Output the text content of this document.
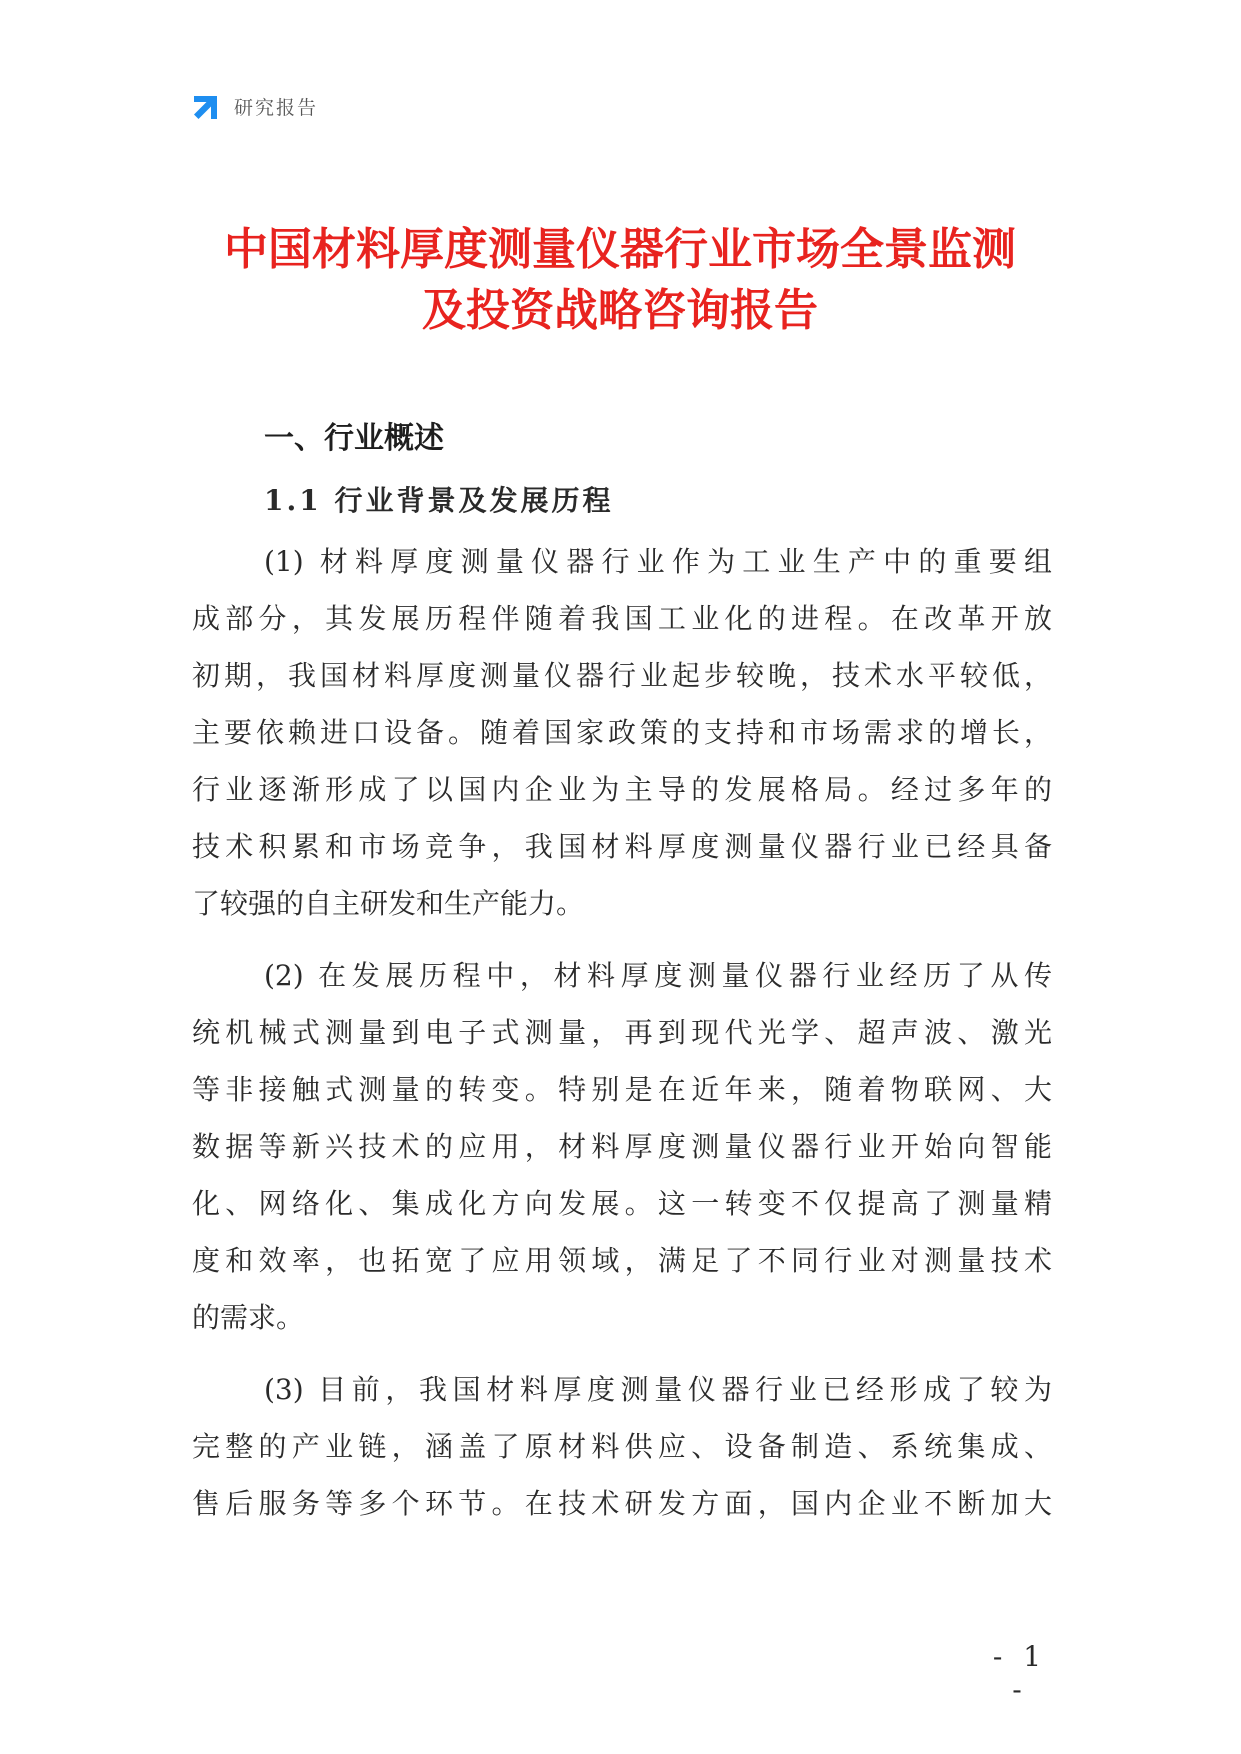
研究报告
中国材料厚度测量仪器行业市场全景监测
及投资战略咨询报告
一、行业概述
1.1 行业背景及发展历程

(1) 材料厚度测量仪器行业作为工业生产中的重要组

成部分，其发展历程伴随着我国工业化的进程。在改革开放

初期，我国材料厚度测量仪器行业起步较晚，技术水平较低，

主要依赖进口设备。随着国家政策的支持和市场需求的增长，

行业逐渐形成了以国内企业为主导的发展格局。经过多年的

技术积累和市场竞争，我国材料厚度测量仪器行业已经具备

了较强的自主研发和生产能力。

(2) 在发展历程中，材料厚度测量仪器行业经历了从传

统机械式测量到电子式测量，再到现代光学、超声波、激光

等非接触式测量的转变。特别是在近年来，随着物联网、大

数据等新兴技术的应用，材料厚度测量仪器行业开始向智能

化、网络化、集成化方向发展。这一转变不仅提高了测量精

度和效率，也拓宽了应用领域，满足了不同行业对测量技术

的需求。

(3) 目前，我国材料厚度测量仪器行业已经形成了较为

完整的产业链，涵盖了原材料供应、设备制造、系统集成、

售后服务等多个环节。在技术研发方面，国内企业不断加大

- 1 -
